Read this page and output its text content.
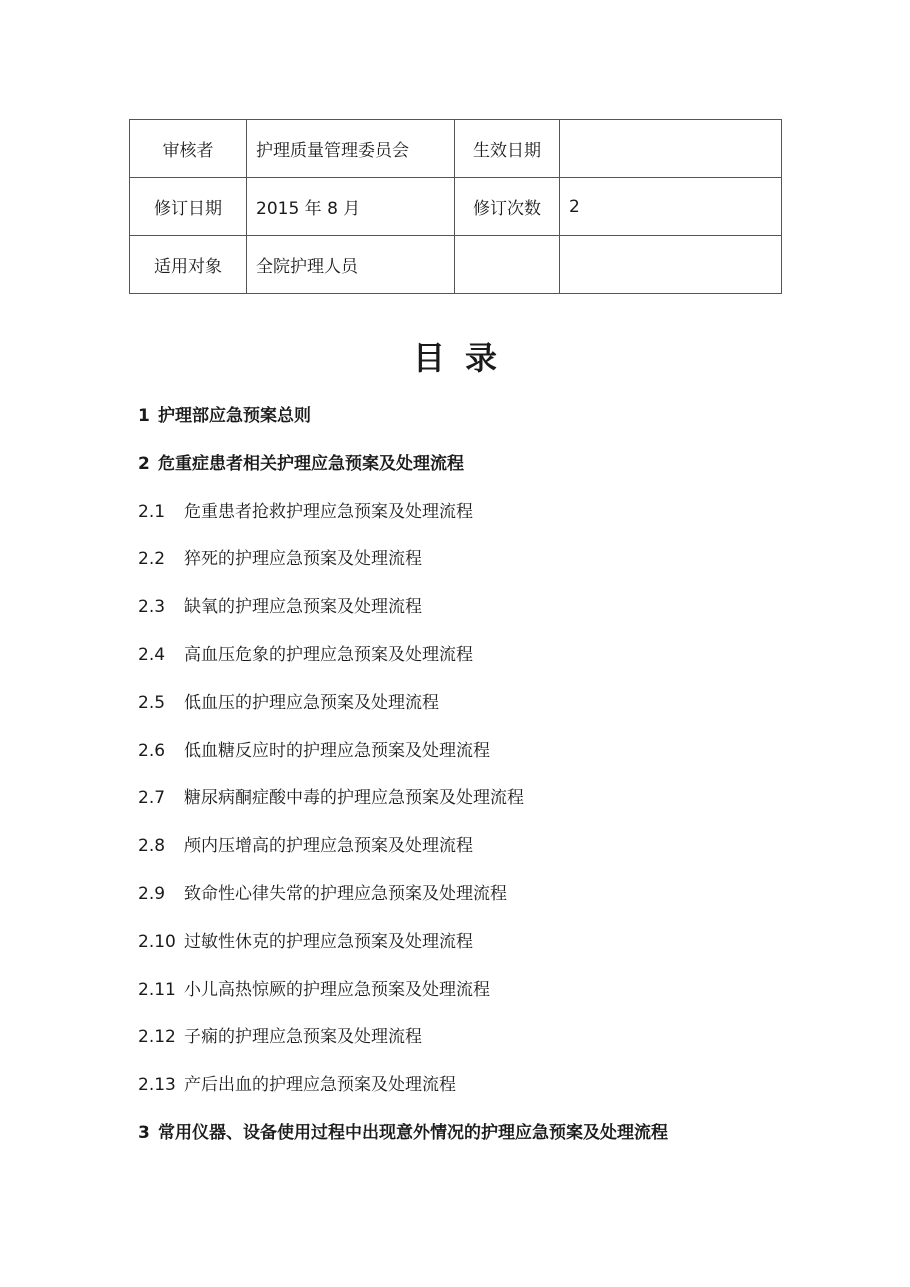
审核者	护理质量管理委员会	生效日期	
修订日期	2015 年 8 月	修订次数	2
适用对象	全院护理人员		
目录
1 护理部应急预案总则
2 危重症患者相关护理应急预案及处理流程
2.1 危重患者抢救护理应急预案及处理流程
2.2 猝死的护理应急预案及处理流程
2.3 缺氧的护理应急预案及处理流程
2.4 高血压危象的护理应急预案及处理流程
2.5 低血压的护理应急预案及处理流程
2.6 低血糖反应时的护理应急预案及处理流程
2.7 糖尿病酮症酸中毒的护理应急预案及处理流程
2.8 颅内压增高的护理应急预案及处理流程
2.9 致命性心律失常的护理应急预案及处理流程
2.10 过敏性休克的护理应急预案及处理流程
2.11 小儿高热惊厥的护理应急预案及处理流程
2.12 子痫的护理应急预案及处理流程
2.13 产后出血的护理应急预案及处理流程
3 常用仪器、设备使用过程中出现意外情况的护理应急预案及处理流程
